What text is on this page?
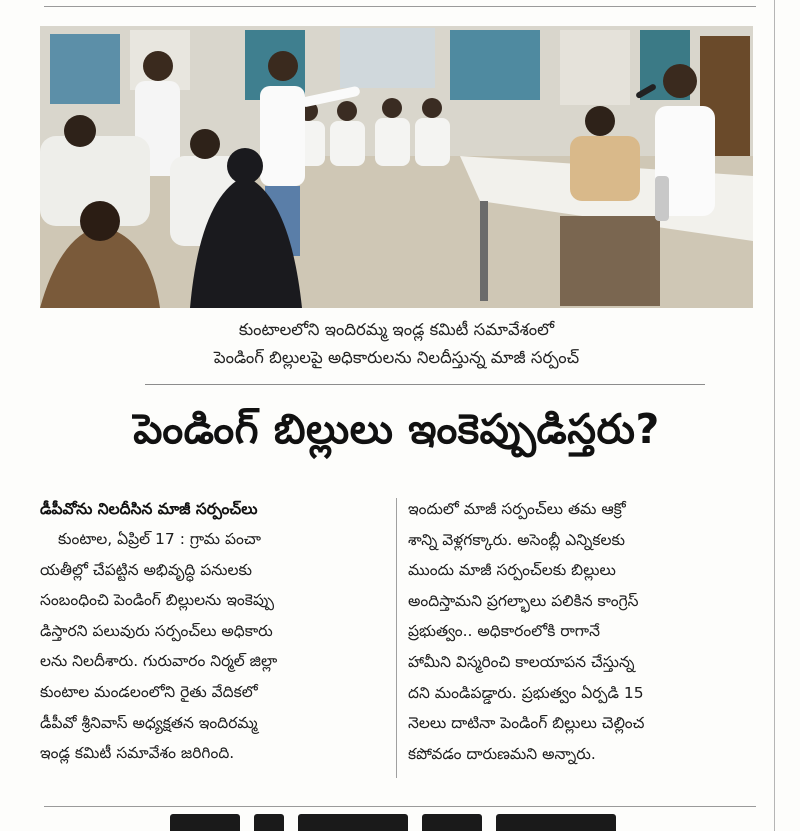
కుంటాలలోని ఇందిరమ్మ ఇండ్ల కమిటీ సమావేశంలో
పెండింగ్ బిల్లులపై అధికారులను నిలదీస్తున్న మాజీ సర్పంచ్
పెండింగ్ బిల్లులు ఇంకెప్పుడిస్తరు?
డీపీవోను నిలదీసిన మాజీ సర్పంచ్‌లు
కుంటాల, ఏప్రిల్ 17 : గ్రామ పంచా
యతీల్లో చేపట్టిన అభివృద్ధి పనులకు
సంబంధించి పెండింగ్ బిల్లులను ఇంకెప్పు
డిస్తారని పలువురు సర్పంచ్‌లు అధికారు
లను నిలదీశారు. గురువారం నిర్మల్ జిల్లా
కుంటాల మండలంలోని రైతు వేదికలో
డీపీవో శ్రీనివాస్ అధ్యక్షతన ఇందిరమ్మ
ఇండ్ల కమిటీ సమావేశం జరిగింది.
ఇందులో మాజీ సర్పంచ్‌లు తమ ఆక్రో
శాన్ని వెళ్లగక్కారు. అసెంబ్లీ ఎన్నికలకు
ముందు మాజీ సర్పంచ్‌లకు బిల్లులు
అందిస్తామని ప్రగల్భాలు పలికిన కాంగ్రెస్
ప్రభుత్వం.. అధికారంలోకి రాగానే
హామీని విస్మరించి కాలయాపన చేస్తున్న
దని మండిపడ్డారు. ప్రభుత్వం ఏర్పడి 15
నెలలు దాటినా పెండింగ్ బిల్లులు చెల్లించ
కపోవడం దారుణమని అన్నారు.
